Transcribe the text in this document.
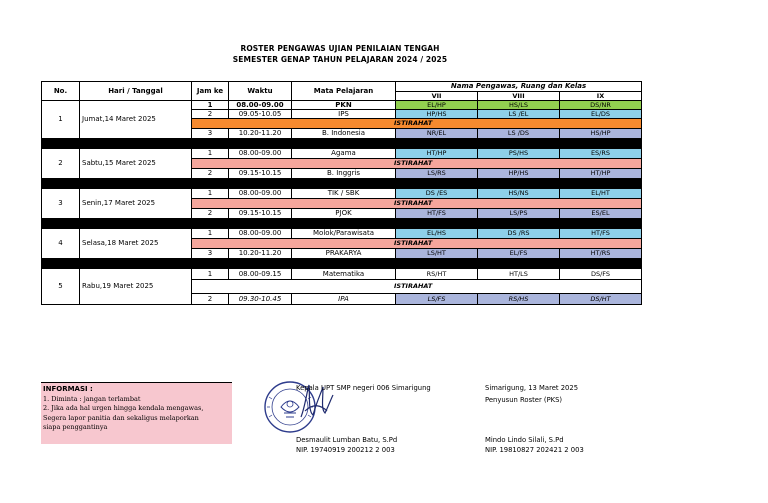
ROSTER PENGAWAS UJIAN PENILAIAN TENGAH
SEMESTER GENAP TAHUN PELAJARAN 2024 / 2025
No.	Hari / Tanggal	Jam ke	Waktu	Mata Pelajaran	Nama Pengawas, Ruang dan Kelas		
					VII	VIII	IX
1	Jumat,14 Maret 2025	1	08.00-09.00	PKN	EL/HP	HS/LS	DS/NR
		2	09.05-10.05	IPS	HP/HS	LS /EL	EL/DS
		ISTIRAHAT					
		3	10.20-11.20	B. Indonesia	NR/EL	LS /DS	HS/HP

2	Sabtu,15 Maret 2025	1	08.00-09.00	Agama	HT/HP	PS/HS	ES/RS
		ISTIRAHAT					
		2	09.15-10.15	B. Inggris	LS/RS	HP/HS	HT/HP

3	Senin,17 Maret 2025	1	08.00-09.00	TIK / SBK	DS /ES	HS/NS	EL/HT
		ISTIRAHAT					
		2	09.15-10.15	PJOK	HT/FS	LS/PS	ES/EL

4	Selasa,18 Maret 2025	1	08.00-09.00	Molok/Parawisata	EL/HS	DS /RS	HT/FS
		ISTIRAHAT					
		3	10.20-11.20	PRAKARYA	LS/HT	EL/FS	HT/RS

5	Rabu,19 Maret 2025	1	08.00-09.15	Matematika	RS/HT	HT/LS	DS/FS
		ISTIRAHAT					
		2	09.30-10.45	IPA	LS/FS	RS/HS	DS/HT
INFORMASI :
1. Diminta : jangan terlambat
2. Jika ada hal urgen hingga kendala mengawas,
Segera lapor panitia dan sekaligus melaporkan
siapa penggantinya
Kepala UPT SMP negeri 006 Simarigung
Desmaulit Lumban Batu, S.Pd
NIP. 19740919 200212 2 003
Simarigung, 13 Maret 2025
Penyusun Roster (PKS)
Mindo Lindo Silali, S.Pd
NIP. 19810827 202421 2 003
